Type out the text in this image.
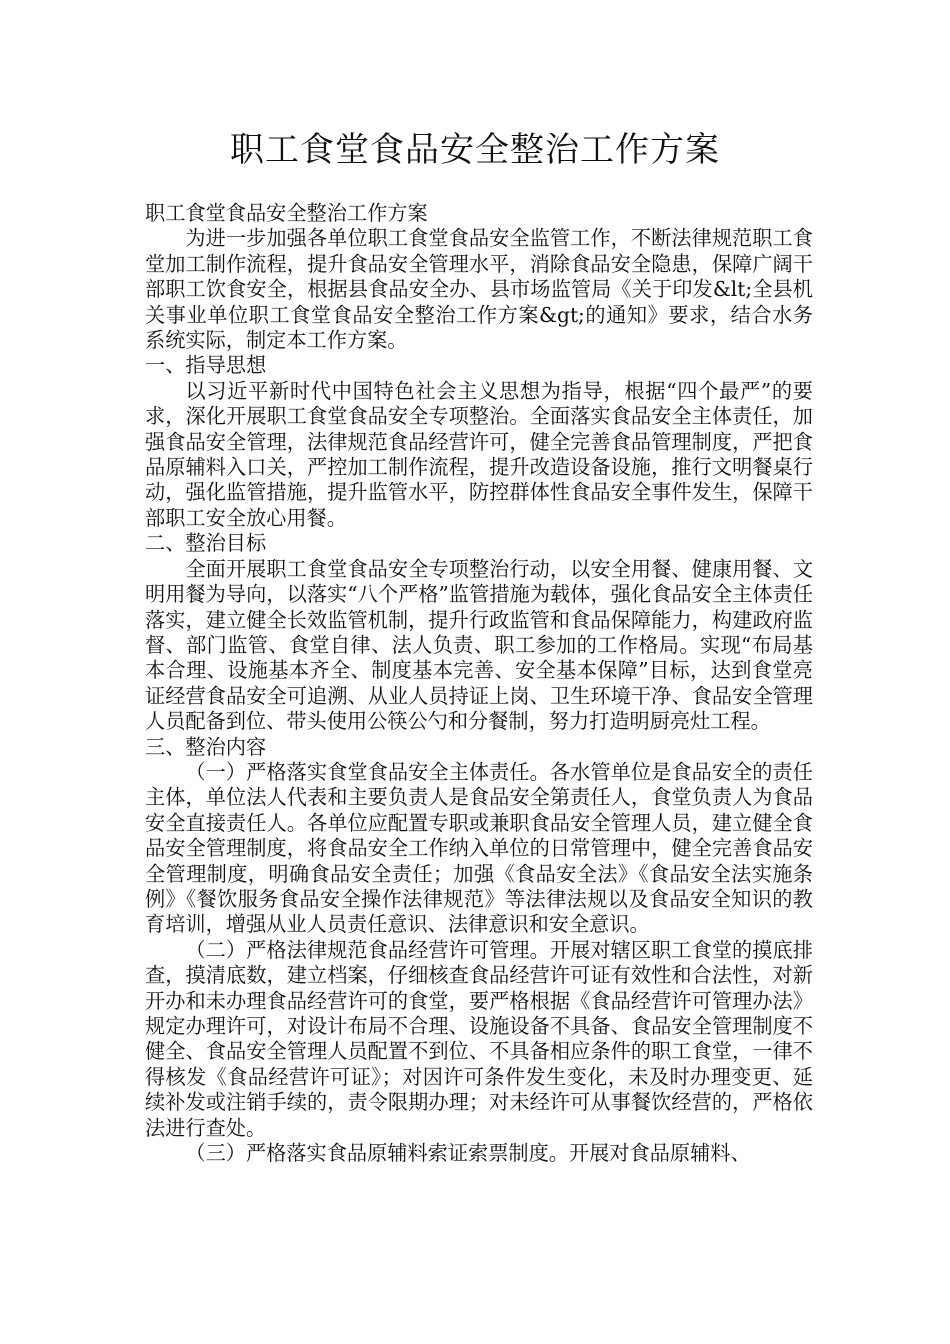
职工食堂食品安全整治工作方案

职工食堂食品安全整治工作方案

为进一步加强各单位职工食堂食品安全监管工作，不断法律规范职工食堂加工制作流程，提升食品安全管理水平，消除食品安全隐患，保障广阔干部职工饮食安全，根据县食品安全办、县市场监管局《关于印发&lt;全县机关事业单位职工食堂食品安全整治工作方案&gt;的通知》要求，结合水务系统实际，制定本工作方案。

一、指导思想

以习近平新时代中国特色社会主义思想为指导，根据“四个最严”的要求，深化开展职工食堂食品安全专项整治。全面落实食品安全主体责任，加强食品安全管理，法律规范食品经营许可，健全完善食品管理制度，严把食品原辅料入口关，严控加工制作流程，提升改造设备设施，推行文明餐桌行动，强化监管措施，提升监管水平，防控群体性食品安全事件发生，保障干部职工安全放心用餐。

二、整治目标

全面开展职工食堂食品安全专项整治行动，以安全用餐、健康用餐、文明用餐为导向，以落实“八个严格”监管措施为载体，强化食品安全主体责任落实，建立健全长效监管机制，提升行政监管和食品保障能力，构建政府监督、部门监管、食堂自律、法人负责、职工参加的工作格局。实现“布局基本合理、设施基本齐全、制度基本完善、安全基本保障”目标，达到食堂亮证经营食品安全可追溯、从业人员持证上岗、卫生环境干净、食品安全管理人员配备到位、带头使用公筷公勺和分餐制，努力打造明厨亮灶工程。

三、整治内容

（一）严格落实食堂食品安全主体责任。各水管单位是食品安全的责任主体，单位法人代表和主要负责人是食品安全第责任人，食堂负责人为食品安全直接责任人。各单位应配置专职或兼职食品安全管理人员，建立健全食品安全管理制度，将食品安全工作纳入单位的日常管理中，健全完善食品安全管理制度，明确食品安全责任；加强《食品安全法》《食品安全法实施条例》《餐饮服务食品安全操作法律规范》等法律法规以及食品安全知识的教育培训，增强从业人员责任意识、法律意识和安全意识。

（二）严格法律规范食品经营许可管理。开展对辖区职工食堂的摸底排查，摸清底数，建立档案，仔细核查食品经营许可证有效性和合法性，对新开办和未办理食品经营许可的食堂，要严格根据《食品经营许可管理办法》规定办理许可，对设计布局不合理、设施设备不具备、食品安全管理制度不健全、食品安全管理人员配置不到位、不具备相应条件的职工食堂，一律不得核发《食品经营许可证》；对因许可条件发生变化，未及时办理变更、延续补发或注销手续的，责令限期办理；对未经许可从事餐饮经营的，严格依法进行查处。

（三）严格落实食品原辅料索证索票制度。开展对食品原辅料、
